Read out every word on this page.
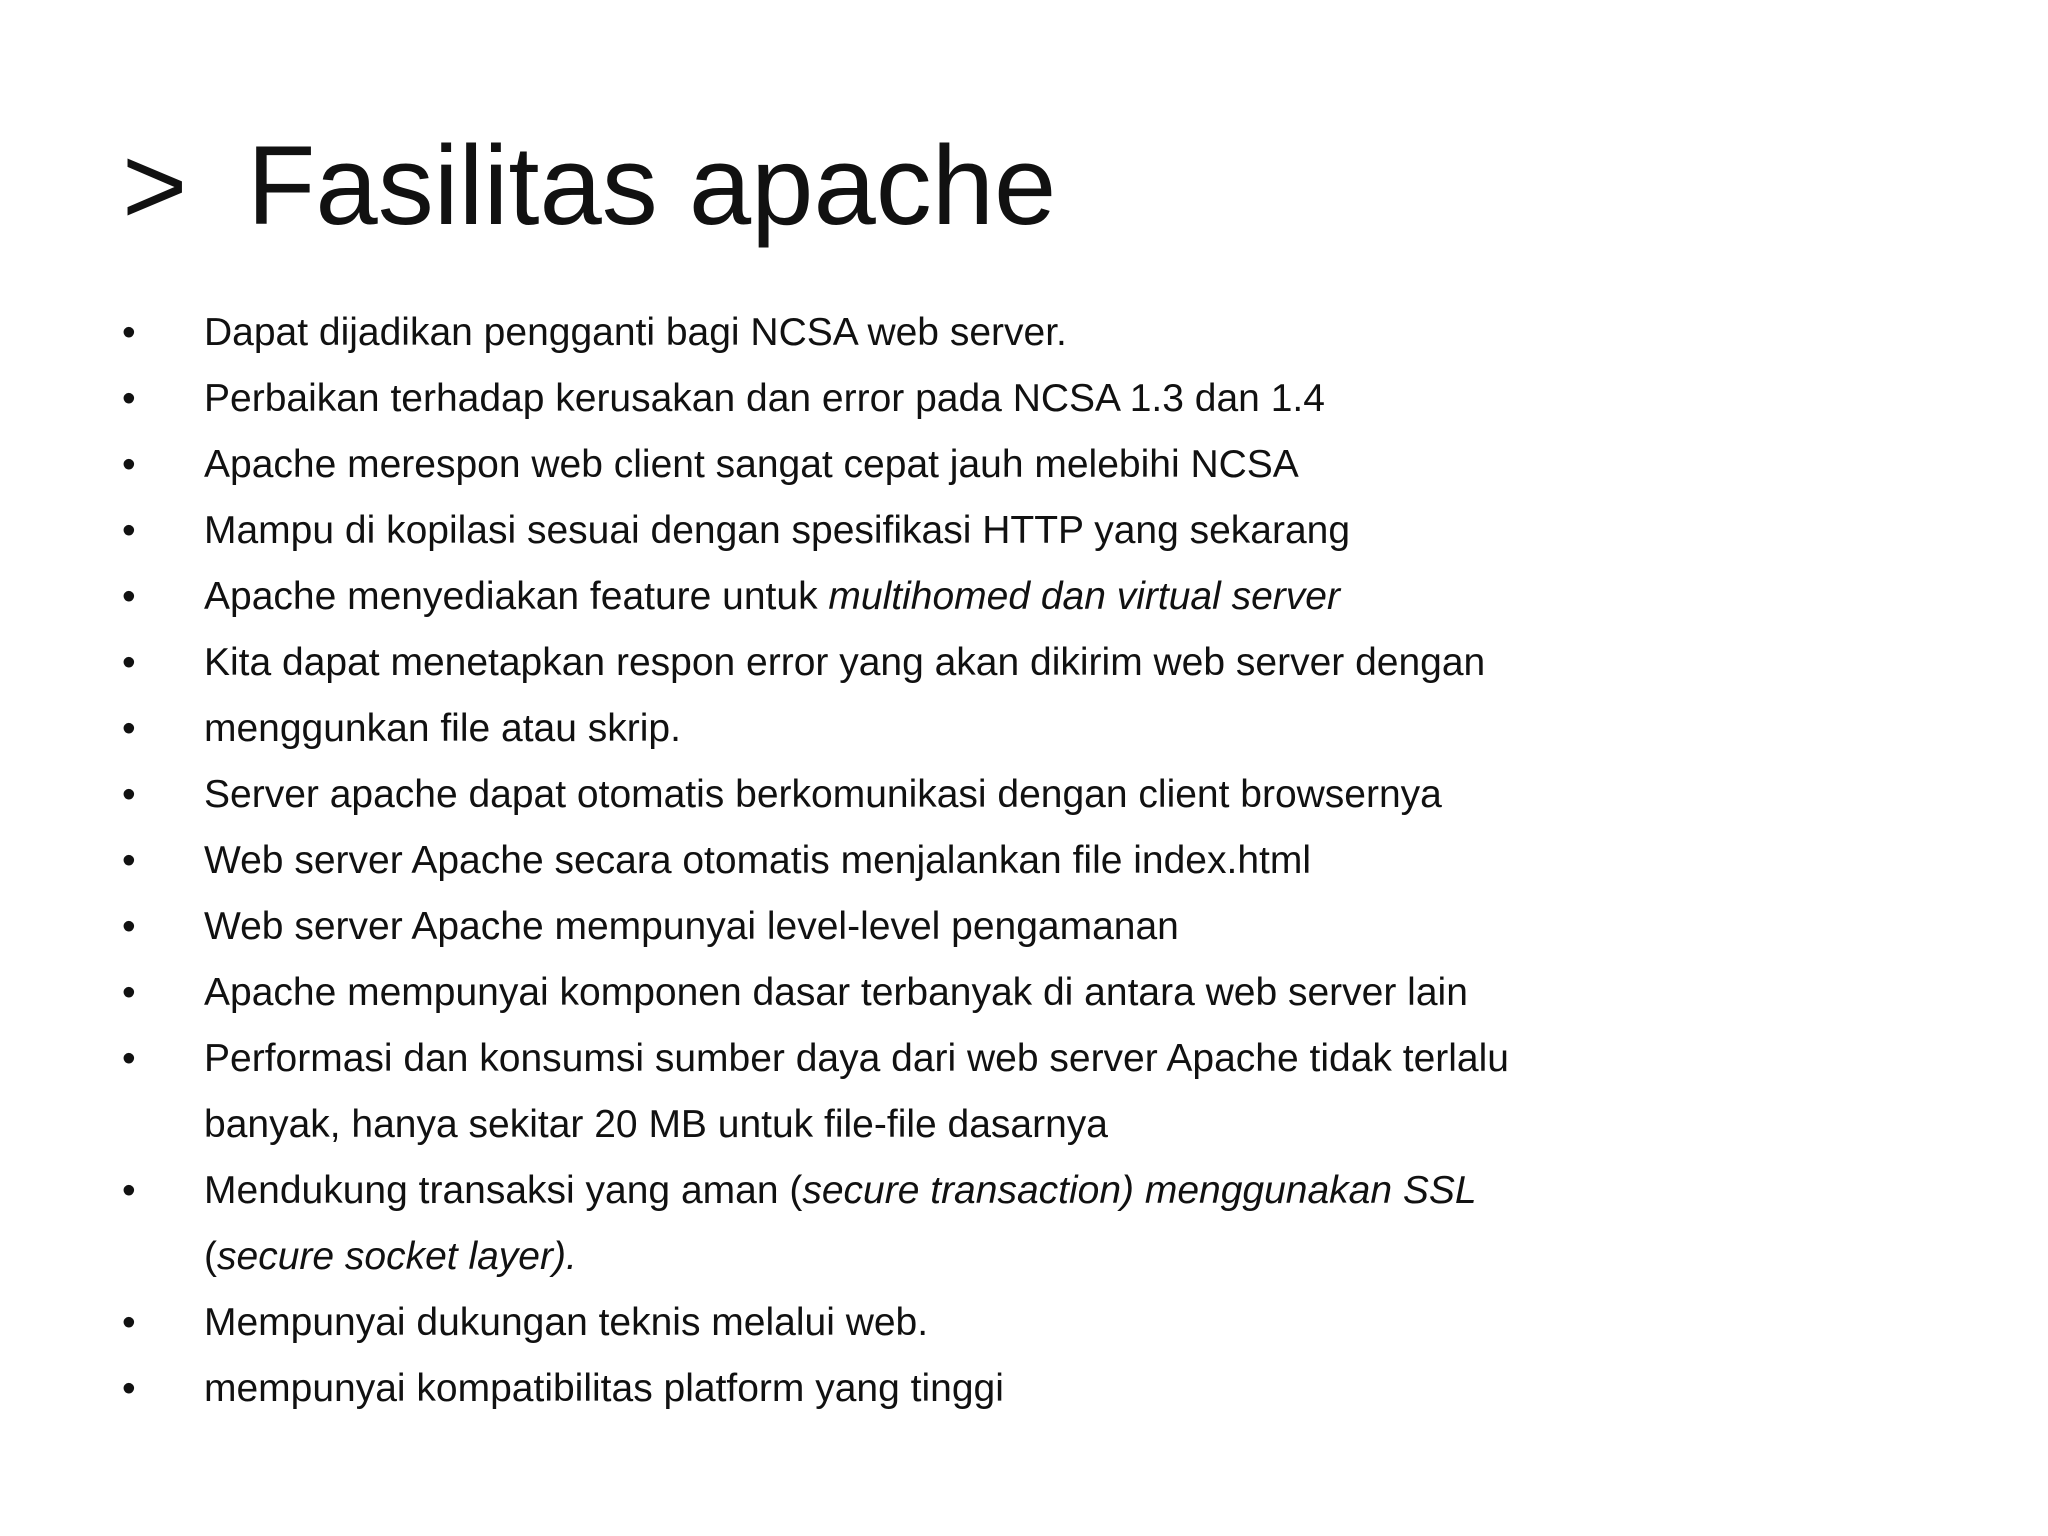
> Fasilitas apache
•	Dapat dijadikan pengganti bagi NCSA web server.
•	Perbaikan terhadap kerusakan dan error pada NCSA 1.3 dan 1.4
•	Apache merespon web client sangat cepat jauh melebihi NCSA
•	Mampu di kopilasi sesuai dengan spesifikasi HTTP yang sekarang
•	Apache menyediakan feature untuk multihomed dan virtual server
•	Kita dapat menetapkan respon error yang akan dikirim web server dengan
•	menggunkan file atau skrip.
•	Server apache dapat otomatis berkomunikasi dengan client browsernya
•	Web server Apache secara otomatis menjalankan file index.html
•	Web server Apache mempunyai level-level pengamanan
•	Apache mempunyai komponen dasar terbanyak di antara web server lain
•	Performasi dan konsumsi sumber daya dari web server Apache tidak terlalu
banyak, hanya sekitar 20 MB untuk file-file dasarnya
•	Mendukung transaksi yang aman (secure transaction) menggunakan SSL
(secure socket layer).
•	Mempunyai dukungan teknis melalui web.
•	mempunyai kompatibilitas platform yang tinggi
